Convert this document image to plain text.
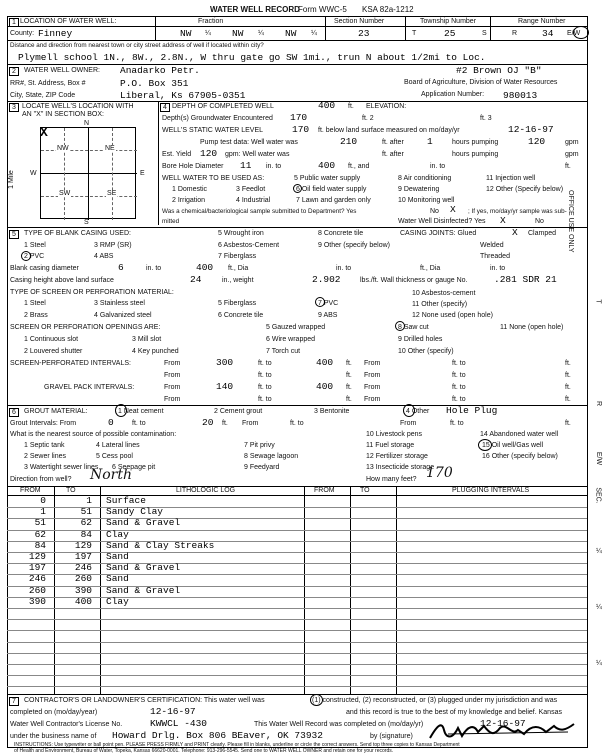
WATER WELL RECORD
Form WWC-5 KSA 82a-1212
1 LOCATION OF WATER WELL:	Fraction	Section Number	Township Number	Range Number
County: Finney	NW ¼ NW ¼ NW ¼	23	T	25	S	R	34 E/W
Distance and direction from nearest town or city street address of well if located within city?
Plymell school 1N., 8W., 2.8N., W thru gate go SW 1mi., trun N about 1/2mi to Loc.
2	WATER WELL OWNER: Anadarko Petr.	#2 Brown OJ "B"
RR#, St. Address, Box #	P.O. Box 351	Board of Agriculture, Division of Water Resources
City, State, ZIP Code	Liberal, Ks 67905-0351	Application Number: 980013
3 LOCATE WELL'S LOCATION WITH
AN "X" IN SECTION BOX:
N
S
W	E
1 Mile
NW	NE
SW	SE
X
4 DEPTH OF COMPLETED WELL	400 ft. ELEVATION:
Depth(s) Groundwater Encountered 170	ft. 2	ft. 3
WELL'S STATIC WATER LEVEL	170 ft. below land surface measured on mo/day/yr	12-16-97
Pump test data: Well water was	210	ft. after 1	hours pumping	120	gpm
Est. Yield 120 gpm: Well water was	ft. after	hours pumping	gpm
Bore Hole Diameter 11 in. to	400 ft., and	in. to	ft.
WELL WATER TO BE USED AS:	5 Public water supply	8 Air conditioning	11 Injection well
1 Domestic	3 Feedlot	6 Oil field water supply	9 Dewatering	12 Other (Specify below)
2 Irrigation	4 Industrial	7 Lawn and garden only	10 Monitoring well
Was a chemical/bacteriological sample submitted to Department? Yes	No X ; If yes, mo/day/yr sample was sub-
mitted	Water Well Disinfected? Yes X	No
5	TYPE OF BLANK CASING USED:	5 Wrought iron	8 Concrete tile	CASING JOINTS: Glued	X Clamped
1 Steel	3 RMP (SR)	6 Asbestos-Cement	9 Other (specify below)	Welded
2 PVC	4 ABS	7 Fiberglass	Threaded
Blank casing diameter	6	in. to	400 ft., Dia	in. to	ft., Dia	in. to
Casing height above land surface	24	in., weight	2.902	lbs./ft. Wall thickness or gauge No.	.281 SDR 21
TYPE OF SCREEN OR PERFORATION MATERIAL:
1 Steel	3 Stainless steel	5 Fiberglass	7 PVC
10 Asbestos-cement
2 Brass	4 Galvanized steel	6 Concrete tile	9 ABS
11 Other (specify)
12 None used (open hole)
SCREEN OR PERFORATION OPENINGS ARE:	5 Gauzed wrapped	8 Saw cut	11 None (open hole)
1 Continuous slot	3 Mill slot	6 Wire wrapped	9 Drilled holes
2 Louvered shutter	4 Key punched	7 Torch cut	10 Other (specify)
SCREEN-PERFORATED INTERVALS:	From	300	ft. to	400 ft. From	ft. to	ft.
From	ft. to	ft. From	ft. to	ft.
GRAVEL PACK INTERVALS:	From	140	ft. to	400 ft. From	ft. to	ft.
From	ft. to	ft. From	ft. to	ft.
6	GROUT MATERIAL:	1 Neat cement	2 Cement grout	3 Bentonite	4 Other Hole Plug
Grout Intervals: From	0	ft. to	20 ft. From	ft. to	From	ft. to	ft.
What is the nearest source of possible contamination:	14 Abandoned water well
1 Septic tank	4 Lateral lines	7 Pit privy
10 Livestock pens
2 Sewer lines	5 Cess pool	8 Sewage lagoon
11 Fuel storage	15 Oil well/Gas well
3 Watertight sewer lines 6 Seepage pit	9 Feedyard
12 Fertilizer storage
13 Insecticide storage
16 Other (specify below)
Direction from well? North	How many feet? 170
FROM	TO	LITHOLOGIC LOG	FROM	TO	PLUGGING INTERVALS
0	1 Surface
1	51 Sandy Clay
51	62 Sand & Gravel
62	84 Clay
84	129 Sand & Clay Streaks
129	197 Sand
197	246 Sand & Gravel
246	260 Sand
260	390 Sand & Gravel
390	400 Clay
7	CONTRACTOR'S OR LANDOWNER'S CERTIFICATION: This water well was	(1) constructed, (2) reconstructed, or (3) plugged under my jurisdiction and was
completed on (mo/day/year)	12-16-97	and this record is true to the best of my knowledge and belief. Kansas
Water Well Contractor's License No.	KWWCL -430	This Water Well Record was completed on (mo/day/yr)	12-16-97
under the business name of Howard Drlg. Box 806 BEaver, OK 73932	by (signature)
INSTRUCTIONS: Use typewriter or ball point pen. PLEASE PRESS FIRMLY and PRINT clearly. Please fill in blanks, underline or circle the correct answers. Send top three copies to Kansas Department
of Health and Environment, Bureau of Water, Topeka, Kansas 66620-0001. Telephone: 913-296-5545. Send one to WATER WELL OWNER and retain one for your records.
OFFICE USE ONLY
T
R
E/W
SEC.
¼
¼
¼
